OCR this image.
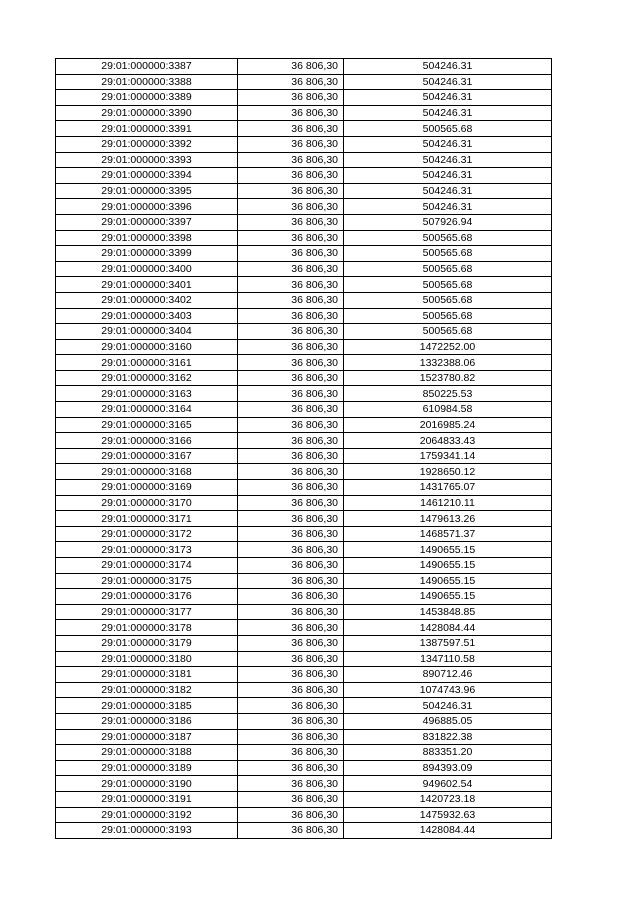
29:01:000000:3387	36 806,30	504246.31
29:01:000000:3388	36 806,30	504246.31
29:01:000000:3389	36 806,30	504246.31
29:01:000000:3390	36 806,30	504246.31
29:01:000000:3391	36 806,30	500565.68
29:01:000000:3392	36 806,30	504246.31
29:01:000000:3393	36 806,30	504246.31
29:01:000000:3394	36 806,30	504246.31
29:01:000000:3395	36 806,30	504246.31
29:01:000000:3396	36 806,30	504246.31
29:01:000000:3397	36 806,30	507926.94
29:01:000000:3398	36 806,30	500565.68
29:01:000000:3399	36 806,30	500565.68
29:01:000000:3400	36 806,30	500565.68
29:01:000000:3401	36 806,30	500565.68
29:01:000000:3402	36 806,30	500565.68
29:01:000000:3403	36 806,30	500565.68
29:01:000000:3404	36 806,30	500565.68
29:01:000000:3160	36 806,30	1472252.00
29:01:000000:3161	36 806,30	1332388.06
29:01:000000:3162	36 806,30	1523780.82
29:01:000000:3163	36 806,30	850225.53
29:01:000000:3164	36 806,30	610984.58
29:01:000000:3165	36 806,30	2016985.24
29:01:000000:3166	36 806,30	2064833.43
29:01:000000:3167	36 806,30	1759341.14
29:01:000000:3168	36 806,30	1928650.12
29:01:000000:3169	36 806,30	1431765.07
29:01:000000:3170	36 806,30	1461210.11
29:01:000000:3171	36 806,30	1479613.26
29:01:000000:3172	36 806,30	1468571.37
29:01:000000:3173	36 806,30	1490655.15
29:01:000000:3174	36 806,30	1490655.15
29:01:000000:3175	36 806,30	1490655.15
29:01:000000:3176	36 806,30	1490655.15
29:01:000000:3177	36 806,30	1453848.85
29:01:000000:3178	36 806,30	1428084.44
29:01:000000:3179	36 806,30	1387597.51
29:01:000000:3180	36 806,30	1347110.58
29:01:000000:3181	36 806,30	890712.46
29:01:000000:3182	36 806,30	1074743.96
29:01:000000:3185	36 806,30	504246.31
29:01:000000:3186	36 806,30	496885.05
29:01:000000:3187	36 806,30	831822.38
29:01:000000:3188	36 806,30	883351.20
29:01:000000:3189	36 806,30	894393.09
29:01:000000:3190	36 806,30	949602.54
29:01:000000:3191	36 806,30	1420723.18
29:01:000000:3192	36 806,30	1475932.63
29:01:000000:3193	36 806,30	1428084.44
